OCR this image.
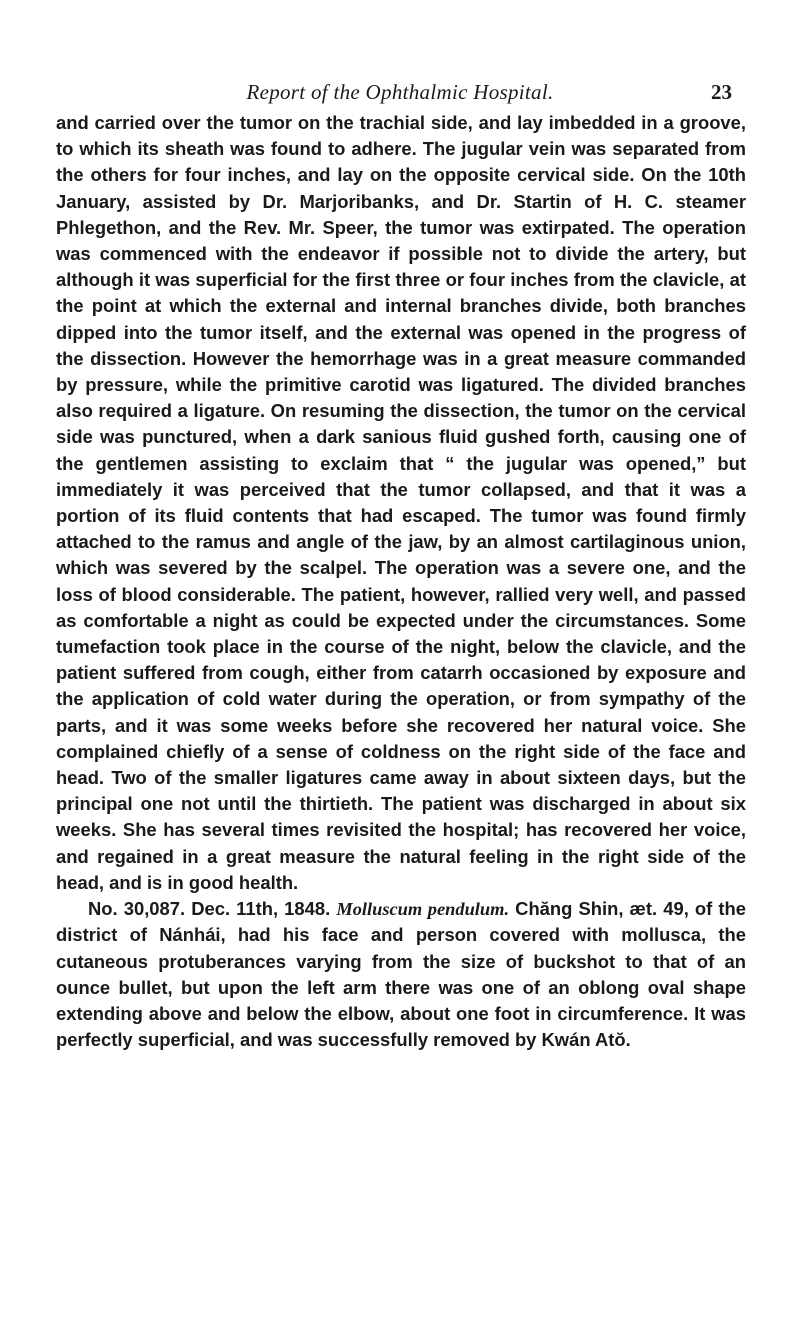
Report of the Ophthalmic Hospital.	23

and carried over the tumor on the trachial side, and lay imbedded in a groove, to which its sheath was found to adhere. The jugular vein was separated from the others for four inches, and lay on the opposite cervical side. On the 10th January, assisted by Dr. Marjoribanks, and Dr. Startin of H. C. steamer Phlegethon, and the Rev. Mr. Speer, the tumor was extirpated. The operation was commenced with the endeavor if possible not to divide the artery, but although it was superficial for the first three or four inches from the clavicle, at the point at which the external and internal branches divide, both branches dipped into the tumor itself, and the external was opened in the progress of the dissection. However the hemorrhage was in a great measure commanded by pressure, while the primitive carotid was ligatured. The divided branches also required a ligature. On resuming the dissection, the tumor on the cervical side was punctured, when a dark sanious fluid gushed forth, causing one of the gentlemen assisting to exclaim that “ the jugular was opened,” but immediately it was perceived that the tumor collapsed, and that it was a portion of its fluid contents that had escaped. The tumor was found firmly attached to the ramus and angle of the jaw, by an almost cartilaginous union, which was severed by the scalpel. The operation was a severe one, and the loss of blood considerable. The patient, however, rallied very well, and passed as comfortable a night as could be expected under the circumstances. Some tumefaction took place in the course of the night, below the clavicle, and the patient suffered from cough, either from catarrh occasioned by exposure and the application of cold water during the operation, or from sympathy of the parts, and it was some weeks before she recovered her natural voice. She complained chiefly of a sense of coldness on the right side of the face and head. Two of the smaller ligatures came away in about sixteen days, but the principal one not until the thirtieth. The patient was discharged in about six weeks. She has several times revisited the hospital; has recovered her voice, and regained in a great measure the natural feeling in the right side of the head, and is in good health.

No. 30,087. Dec. 11th, 1848. Molluscum pendulum. Chăng Shin, æt. 49, of the district of Nánhái, had his face and person covered with mollusca, the cutaneous protuberances varying from the size of buckshot to that of an ounce bullet, but upon the left arm there was one of an oblong oval shape extending above and below the elbow, about one foot in circumference. It was perfectly superficial, and was successfully removed by Kwán Atŏ.
